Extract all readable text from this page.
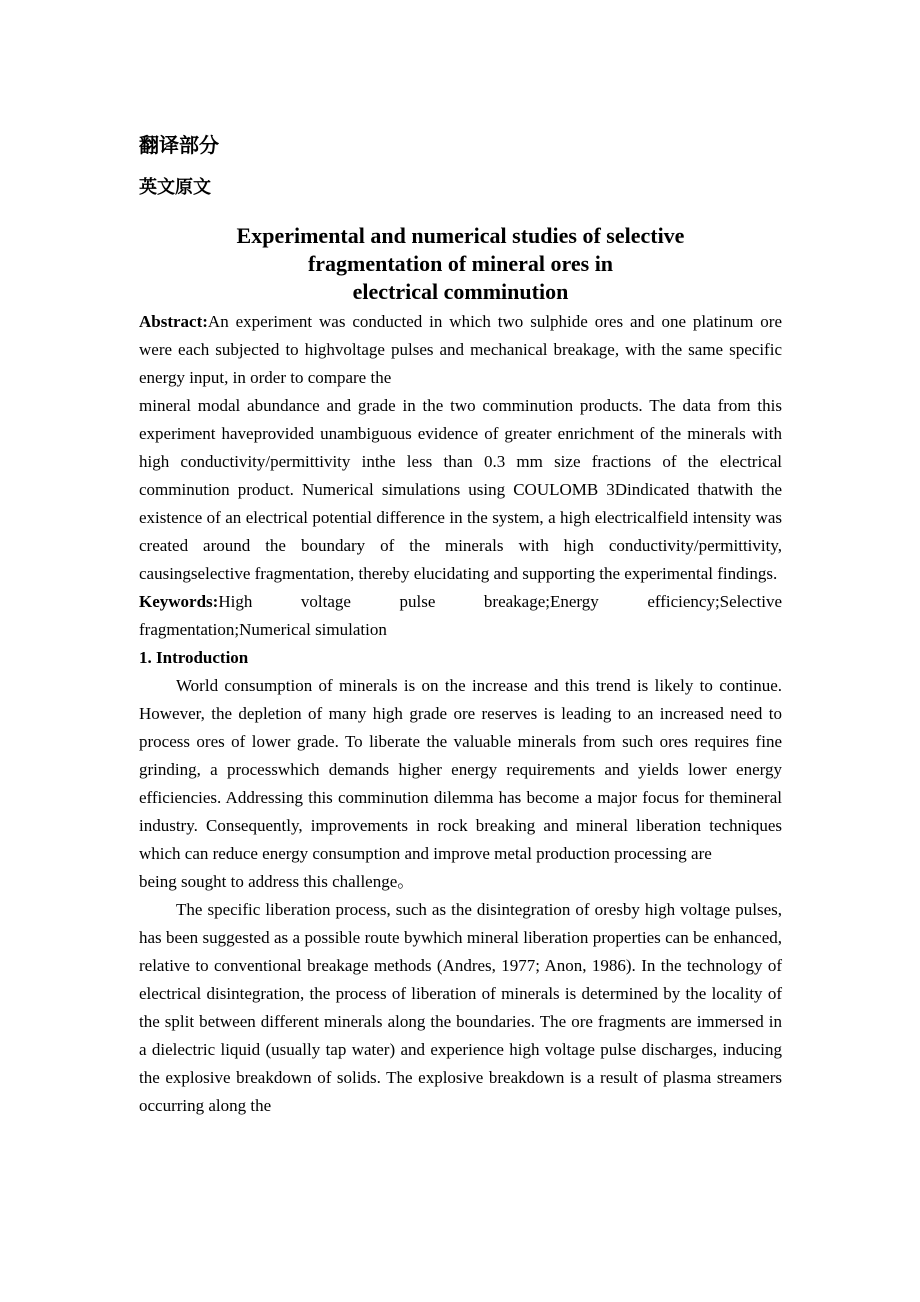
翻译部分
英文原文
Experimental and numerical studies of selective
fragmentation of mineral ores in
electrical comminution

Abstract:An experiment was conducted in which two sulphide ores and one platinum ore were each subjected to highvoltage pulses and mechanical breakage, with the same specific energy input, in order to compare the

mineral modal abundance and grade in the two comminution products. The data from this experiment haveprovided unambiguous evidence of greater enrichment of the minerals with high conductivity/permittivity inthe less than 0.3 mm size fractions of the electrical comminution product. Numerical simulations using COULOMB 3Dindicated thatwith the existence of an electrical potential difference in the system, a high electricalfield intensity was created around the boundary of the minerals with high conductivity/permittivity, causingselective fragmentation, thereby elucidating and supporting the experimental findings.

Keywords:High voltage pulse breakage;Energy efficiency;Selective

fragmentation;Numerical simulation

1. Introduction

World consumption of minerals is on the increase and this trend is likely to continue. However, the depletion of many high grade ore reserves is leading to an increased need to process ores of lower grade. To liberate the valuable minerals from such ores requires fine grinding, a processwhich demands higher energy requirements and yields lower energy efficiencies. Addressing this comminution dilemma has become a major focus for themineral industry. Consequently, improvements in rock breaking and mineral liberation techniques which can reduce energy consumption and improve metal production processing are

being sought to address this challenge。

The specific liberation process, such as the disintegration of oresby high voltage pulses, has been suggested as a possible route bywhich mineral liberation properties can be enhanced, relative to conventional breakage methods (Andres, 1977; Anon, 1986). In the technology of electrical disintegration, the process of liberation of minerals is determined by the locality of the split between different minerals along the boundaries. The ore fragments are immersed in a dielectric liquid (usually tap water) and experience high voltage pulse discharges, inducing the explosive breakdown of solids. The explosive breakdown is a result of plasma streamers occurring along the
